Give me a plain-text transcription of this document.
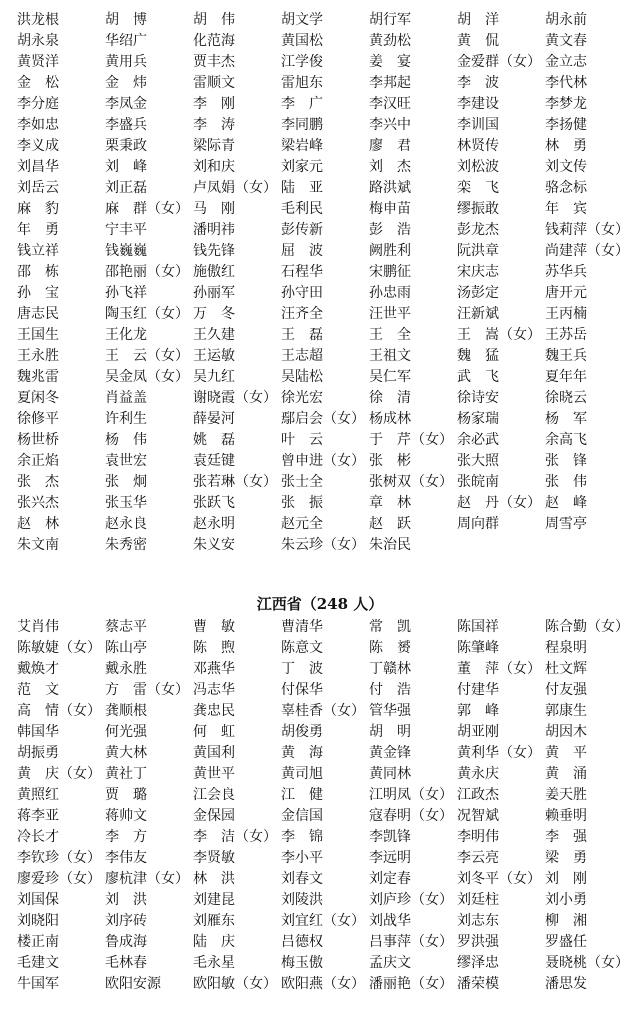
洪龙根	胡　博	胡　伟	胡文学	胡行军	胡　洋	胡永前
胡永泉	华绍广	化范海	黄国松	黄劲松	黄　侃	黄文春
黄贤洋	黄用兵	贾丰杰	江学俊	姜　宴	金爱群（女） 金立志
金　松	金　炜	雷顺文	雷旭东	李邦起	李　波	李代林
李分庭	李凤金	李　刚	李　广	李汉旺	李建设	李梦龙
李如忠	李盛兵	李　涛	李同鹏	李兴中	李训国	李扬健
李义成	栗秉政	梁际青	梁岩峰	廖　君	林贤传	林　勇
刘昌华	刘　峰	刘和庆	刘家元	刘　杰	刘松波	刘文传
刘岳云	刘正磊	卢凤娟（女） 陆　亚	路洪斌	栾　飞	骆念标
麻　豹	麻　群（女） 马　刚	毛利民	梅申苗	缪振敢	年　宾
年　勇	宁丰平	潘明祎	彭传新	彭　浩	彭龙杰	钱莉萍（女）
钱立祥	钱巍巍	钱先锋	屈　波	阙胜利	阮洪章	尚建萍（女）
邵　栋	邵艳丽（女） 施傲红	石程华	宋鹏征	宋庆志	苏华兵
孙　宝	孙飞祥	孙丽军	孙守田	孙忠雨	汤彭定	唐开元
唐志民	陶玉红（女） 万　冬	汪齐全	汪世平	汪新斌	王丙楠
王国生	王化龙	王久建	王　磊	王　全	王　嵩（女） 王苏岳
王永胜	王　云（女） 王运敏	王志超	王祖文	魏　猛	魏王兵
魏兆雷	吴金凤（女） 吴九红	吴陆松	吴仁军	武　飞	夏年年
夏闲冬	肖益盖	谢晓霞（女） 徐光宏	徐　清	徐诗安	徐晓云
徐修平	许利生	薛晏河	鄢启会（女） 杨成林	杨家瑞	杨　军
杨世桥	杨　伟	姚　磊	叶　云	于　芹（女） 余必武	余高飞
余正焰	袁世宏	袁廷键	曾申进（女） 张　彬	张大照	张　锋
张　杰	张　炯	张若琳（女） 张士全	张树双（女） 张皖南	张　伟
张兴杰	张玉华	张跃飞	张　振	章　林	赵　丹（女） 赵　峰
赵　林	赵永良	赵永明	赵元全	赵　跃	周向群	周雪亭
朱文南	朱秀密	朱义安	朱云珍（女） 朱治民
江西省（248 人）
艾肖伟	蔡志平	曹　敏	曹清华	常　凯	陈国祥	陈合勤（女）
陈敏婕（女） 陈山亭	陈　煦	陈意文	陈　赟	陈肇峰	程泉明
戴焕才	戴永胜	邓燕华	丁　波	丁赣林	董　萍（女） 杜文辉
范　文	方　雷（女） 冯志华	付保华	付　浩	付建华	付友强
高　情（女） 龚顺根	龚忠民	辜桂香（女） 管华强	郭　峰	郭康生
韩国华	何光强	何　虹	胡俊勇	胡　明	胡亚刚	胡因木
胡振勇	黄大林	黄国利	黄　海	黄金锋	黄利华（女） 黄　平
黄　庆（女） 黄社丁	黄世平	黄司旭	黄同林	黄永庆	黄　涌
黄照红	贾　璐	江会良	江　健	江明凤（女） 江政杰	姜天胜
蒋李亚	蒋帅文	金保园	金信国	寇春明（女） 况智斌	赖垂明
冷长才	李　方	李　洁（女） 李　锦	李凯锋	李明伟	李　强
李钦珍（女） 李伟友	李贤敏	李小平	李远明	李云亮	梁　勇
廖爱珍（女） 廖杭津（女） 林　洪	刘春文	刘定春	刘冬平（女） 刘　刚
刘国保	刘　洪	刘建昆	刘陵洪	刘庐珍（女） 刘廷柱	刘小勇
刘晓阳	刘序砖	刘雁东	刘宜红（女） 刘战华	刘志东	柳　湘
楼正南	鲁成海	陆　庆	吕德权	吕事萍（女） 罗洪强	罗盛任
毛建文	毛林春	毛永星	梅玉傲	孟庆文	缪泽忠	聂晓桃（女）
牛国军	欧阳安源	欧阳敏（女） 欧阳燕（女） 潘丽艳（女） 潘荣模	潘思发
